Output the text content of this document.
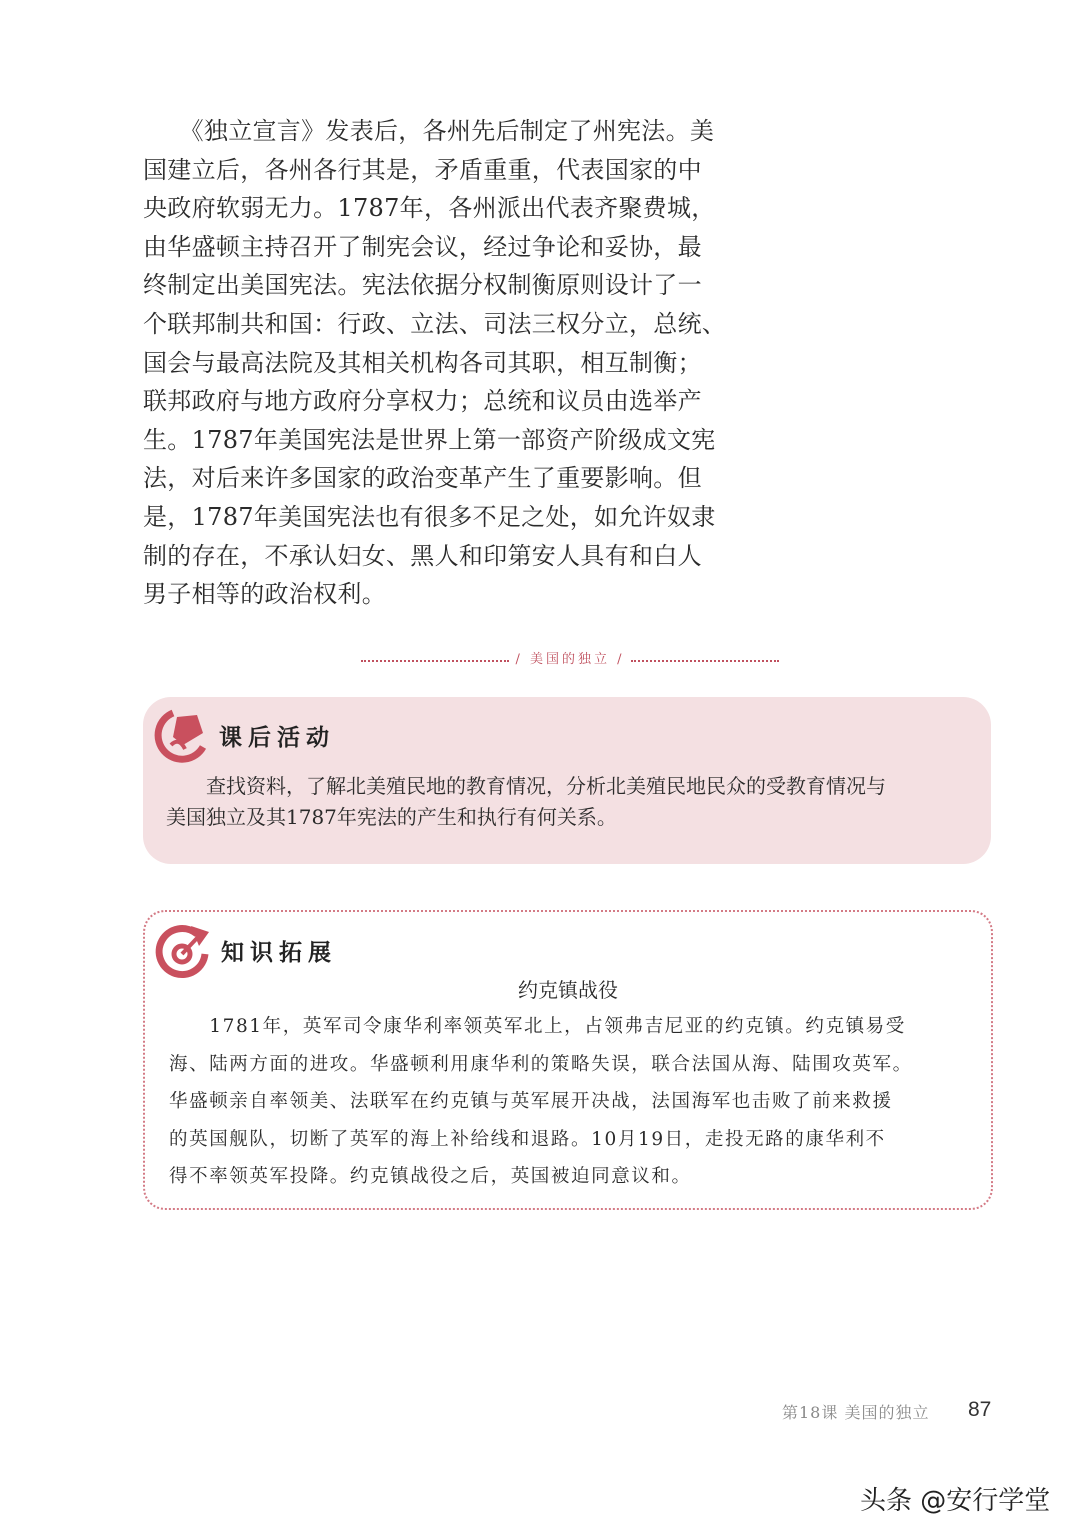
　　《独立宣言》发表后，各州先后制定了州宪法。美
国建立后，各州各行其是，矛盾重重，代表国家的中
央政府软弱无力。1787年，各州派出代表齐聚费城，
由华盛顿主持召开了制宪会议，经过争论和妥协，最
终制定出美国宪法。宪法依据分权制衡原则设计了一
个联邦制共和国：行政、立法、司法三权分立，总统、
国会与最高法院及其相关机构各司其职，相互制衡；
联邦政府与地方政府分享权力；总统和议员由选举产
生。1787年美国宪法是世界上第一部资产阶级成文宪
法，对后来许多国家的政治变革产生了重要影响。但
是，1787年美国宪法也有很多不足之处，如允许奴隶
制的存在，不承认妇女、黑人和印第安人具有和白人
男子相等的政治权利。
/ 美国的独立 /
课后活动
　　查找资料，了解北美殖民地的教育情况，分析北美殖民地民众的受教育情况与
美国独立及其1787年宪法的产生和执行有何关系。
知识拓展
约克镇战役
　　1781年，英军司令康华利率领英军北上，占领弗吉尼亚的约克镇。约克镇易受
海、陆两方面的进攻。华盛顿利用康华利的策略失误，联合法国从海、陆围攻英军。
华盛顿亲自率领美、法联军在约克镇与英军展开决战，法国海军也击败了前来救援
的英国舰队，切断了英军的海上补给线和退路。10月19日，走投无路的康华利不
得不率领英军投降。约克镇战役之后，英国被迫同意议和。
第18课 美国的独立 87
头条 @安行学堂
